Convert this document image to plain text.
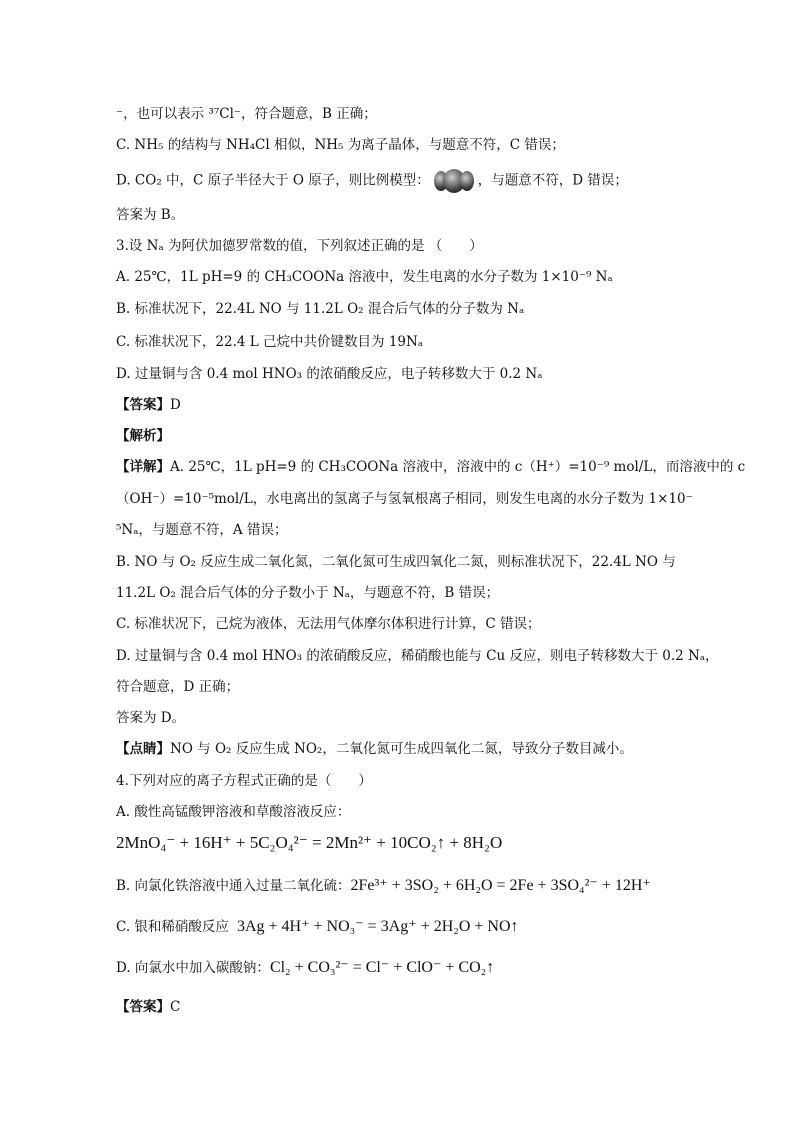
⁻，也可以表示 ³⁷Cl⁻，符合题意，B 正确；
C. NH₅ 的结构与 NH₄Cl 相似，NH₅ 为离子晶体，与题意不符，C 错误；
D. CO₂ 中，C 原子半径大于 O 原子，则比例模型：	，与题意不符，D 错误；
答案为 B。
3.设 Nₐ 为阿伏加德罗常数的值，下列叙述正确的是 （　　）
A. 25℃，1L pH=9 的 CH₃COONa 溶液中，发生电离的水分子数为 1×10⁻⁹ Nₐ
B. 标准状况下，22.4L NO 与 11.2L O₂ 混合后气体的分子数为 Nₐ
C. 标准状况下，22.4 L 己烷中共价键数目为 19Nₐ
D. 过量铜与含 0.4 mol HNO₃ 的浓硝酸反应，电子转移数大于 0.2 Nₐ
【答案】D
【解析】
【详解】A. 25℃，1L pH=9 的 CH₃COONa 溶液中，溶液中的 c（H⁺）=10⁻⁹ mol/L，而溶液中的 c
（OH⁻）=10⁻⁵mol/L，水电离出的氢离子与氢氧根离子相同，则发生电离的水分子数为 1×10⁻
⁵Nₐ，与题意不符，A 错误；
B. NO 与 O₂ 反应生成二氧化氮，二氧化氮可生成四氧化二氮，则标准状况下，22.4L NO 与
11.2L O₂ 混合后气体的分子数小于 Nₐ，与题意不符，B 错误；
C. 标准状况下，己烷为液体，无法用气体摩尔体积进行计算，C 错误；
D. 过量铜与含 0.4 mol HNO₃ 的浓硝酸反应，稀硝酸也能与 Cu 反应，则电子转移数大于 0.2 Nₐ，
符合题意，D 正确；
答案为 D。
【点睛】NO 与 O₂ 反应生成 NO₂，二氧化氮可生成四氧化二氮，导致分子数目减小。
4.下列对应的离子方程式正确的是（　　）
A. 酸性高锰酸钾溶液和草酸溶液反应：
2MnO₄⁻ + 16H⁺ + 5C₂O₄²⁻ = 2Mn²⁺ + 10CO₂↑ + 8H₂O
B. 向氯化铁溶液中通入过量二氧化硫：2Fe³⁺ + 3SO₂ + 6H₂O = 2Fe + 3SO₄²⁻ + 12H⁺
C. 银和稀硝酸反应 3Ag + 4H⁺ + NO₃⁻ = 3Ag⁺ + 2H₂O + NO↑
D. 向氯水中加入碳酸钠：Cl₂ + CO₃²⁻ = Cl⁻ + ClO⁻ + CO₂↑
【答案】C
